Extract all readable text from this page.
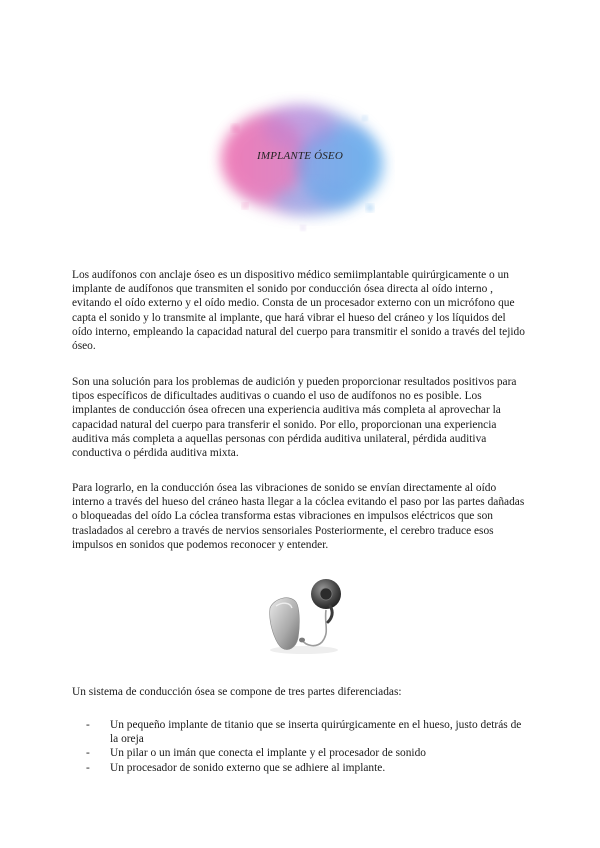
IMPLANTE ÓSEO

Los audífonos con anclaje óseo es un dispositivo médico semiimplantable quirúrgicamente o un implante de audífonos que transmiten el sonido por conducción ósea directa al oído interno , evitando el oído externo y el oído medio. Consta de un procesador externo con un micrófono que capta el sonido y lo transmite al implante, que hará vibrar el hueso del cráneo y los líquidos del oído interno, empleando la capacidad natural del cuerpo para transmitir el sonido a través del tejido óseo.

Son una solución para los problemas de audición y pueden proporcionar resultados positivos para tipos específicos de dificultades auditivas o cuando el uso de audífonos no es posible. Los implantes de conducción ósea ofrecen una experiencia auditiva más completa al aprovechar la capacidad natural del cuerpo para transferir el sonido. Por ello, proporcionan una experiencia auditiva más completa a aquellas personas con pérdida auditiva unilateral, pérdida auditiva conductiva o pérdida auditiva mixta.

Para lograrlo, en la conducción ósea las vibraciones de sonido se envían directamente al oído interno a través del hueso del cráneo hasta llegar a la cóclea evitando el paso por las partes dañadas o bloqueadas del oído La cóclea transforma estas vibraciones en impulsos eléctricos que son trasladados al cerebro a través de nervios sensoriales Posteriormente, el cerebro traduce esos impulsos en sonidos que podemos reconocer y entender.

Un sistema de conducción ósea se compone de tres partes diferenciadas:

- Un pequeño implante de titanio que se inserta quirúrgicamente en el hueso, justo detrás de la oreja
- Un pilar o un imán que conecta el implante y el procesador de sonido
- Un procesador de sonido externo que se adhiere al implante.
